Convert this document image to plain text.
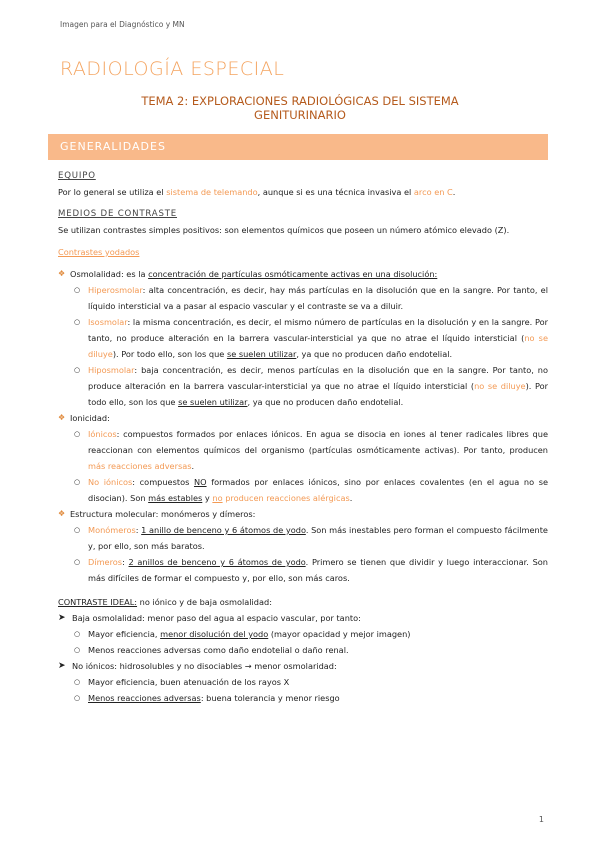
Imagen para el Diagnóstico y MN
RADIOLOGÍA ESPECIAL
TEMA 2: EXPLORACIONES RADIOLÓGICAS DEL SISTEMA
GENITURINARIO
GENERALIDADES

EQUIPO

Por lo general se utiliza el sistema de telemando, aunque si es una técnica invasiva el arco en C.

MEDIOS DE CONTRASTE

Se utilizan contrastes simples positivos: son elementos químicos que poseen un número atómico elevado (Z).

Contrastes yodados

❖ Osmolalidad: es la concentración de partículas osmóticamente activas en una disolución:

○ Hiperosmolar: alta concentración, es decir, hay más partículas en la disolución que en la sangre. Por tanto, el líquido intersticial va a pasar al espacio vascular y el contraste se va a diluir.

○ Isosmolar: la misma concentración, es decir, el mismo número de partículas en la disolución y en la sangre. Por tanto, no produce alteración en la barrera vascular-intersticial ya que no atrae el líquido intersticial (no se diluye). Por todo ello, son los que se suelen utilizar, ya que no producen daño endotelial.

○ Hiposmolar: baja concentración, es decir, menos partículas en la disolución que en la sangre. Por tanto, no produce alteración en la barrera vascular-intersticial ya que no atrae el líquido intersticial (no se diluye). Por todo ello, son los que se suelen utilizar, ya que no producen daño endotelial.

❖ Ionicidad:

○ Iónicos: compuestos formados por enlaces iónicos. En agua se disocia en iones al tener radicales libres que reaccionan con elementos químicos del organismo (partículas osmóticamente activas). Por tanto, producen más reacciones adversas.

○ No iónicos: compuestos NO formados por enlaces iónicos, sino por enlaces covalentes (en el agua no se disocian). Son más estables y no producen reacciones alérgicas.

❖ Estructura molecular: monómeros y dímeros:

○ Monómeros: 1 anillo de benceno y 6 átomos de yodo. Son más inestables pero forman el compuesto fácilmente y, por ello, son más baratos.

○ Dímeros: 2 anillos de benceno y 6 átomos de yodo. Primero se tienen que dividir y luego interaccionar. Son más difíciles de formar el compuesto y, por ello, son más caros.

CONTRASTE IDEAL: no iónico y de baja osmolalidad:

➤ Baja osmolalidad: menor paso del agua al espacio vascular, por tanto:

○ Mayor eficiencia, menor disolución del yodo (mayor opacidad y mejor imagen)

○ Menos reacciones adversas como daño endotelial o daño renal.

➤ No iónicos: hidrosolubles y no disociables → menor osmolaridad:

○ Mayor eficiencia, buen atenuación de los rayos X

○ Menos reacciones adversas: buena tolerancia y menor riesgo

1
